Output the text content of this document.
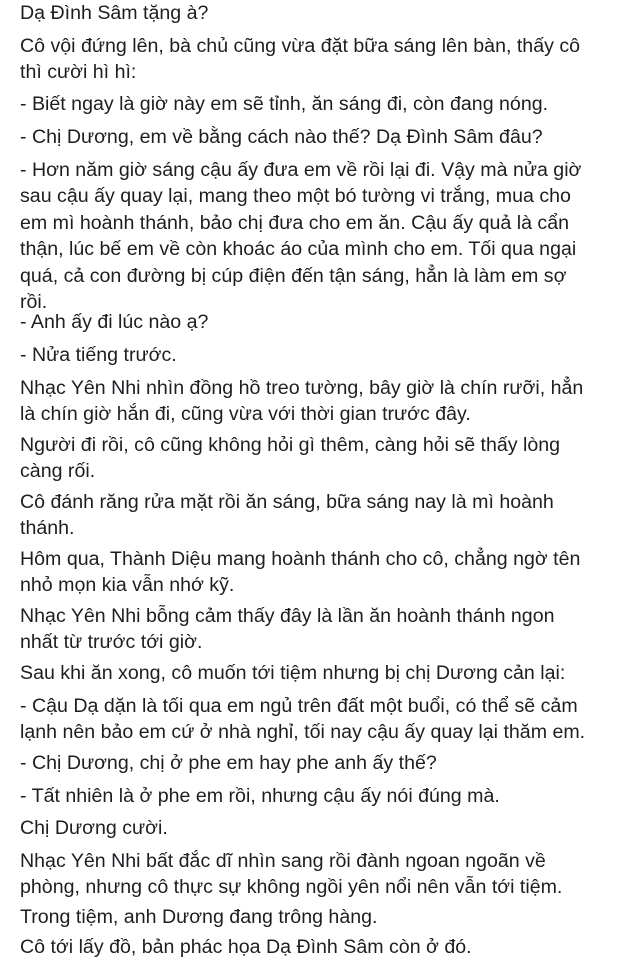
Dạ Đình Sâm tặng à?
Cô vội đứng lên, bà chủ cũng vừa đặt bữa sáng lên bàn, thấy cô
thì cười hì hì:
- Biết ngay là giờ này em sẽ tỉnh, ăn sáng đi, còn đang nóng.
- Chị Dương, em về bằng cách nào thế? Dạ Đình Sâm đâu?
- Hơn năm giờ sáng cậu ấy đưa em về rồi lại đi. Vậy mà nửa giờ
sau cậu ấy quay lại, mang theo một bó tường vi trắng, mua cho
em mì hoành thánh, bảo chị đưa cho em ăn. Cậu ấy quả là cẩn
thận, lúc bế em về còn khoác áo của mình cho em. Tối qua ngại
quá, cả con đường bị cúp điện đến tận sáng, hẳn là làm em sợ
rồi.
- Anh ấy đi lúc nào ạ?
- Nửa tiếng trước.
Nhạc Yên Nhi nhìn đồng hồ treo tường, bây giờ là chín rưỡi, hẳn
là chín giờ hắn đi, cũng vừa với thời gian trước đây.
Người đi rồi, cô cũng không hỏi gì thêm, càng hỏi sẽ thấy lòng
càng rối.
Cô đánh răng rửa mặt rồi ăn sáng, bữa sáng nay là mì hoành
thánh.
Hôm qua, Thành Diệu mang hoành thánh cho cô, chẳng ngờ tên
nhỏ mọn kia vẫn nhớ kỹ.
Nhạc Yên Nhi bỗng cảm thấy đây là lần ăn hoành thánh ngon
nhất từ trước tới giờ.
Sau khi ăn xong, cô muốn tới tiệm nhưng bị chị Dương cản lại:
- Cậu Dạ dặn là tối qua em ngủ trên đất một buổi, có thể sẽ cảm
lạnh nên bảo em cứ ở nhà nghỉ, tối nay cậu ấy quay lại thăm em.
- Chị Dương, chị ở phe em hay phe anh ấy thế?
- Tất nhiên là ở phe em rồi, nhưng cậu ấy nói đúng mà.
Chị Dương cười.
Nhạc Yên Nhi bất đắc dĩ nhìn sang rồi đành ngoan ngoãn về
phòng, nhưng cô thực sự không ngồi yên nổi nên vẫn tới tiệm.
Trong tiệm, anh Dương đang trông hàng.
Cô tới lấy đồ, bản phác họa Dạ Đình Sâm còn ở đó.
